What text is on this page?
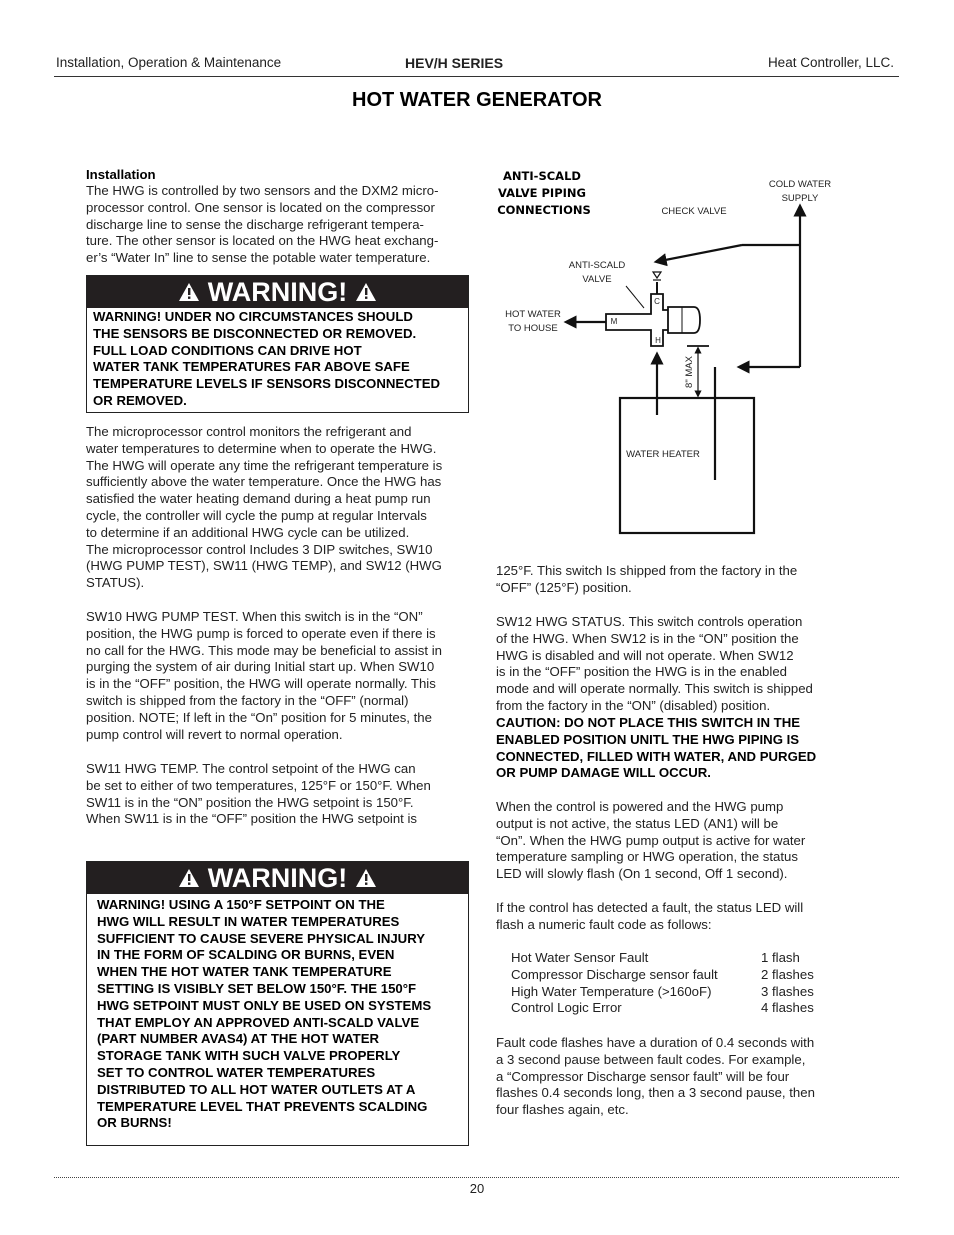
Installation, Operation & Maintenance	HEV/H SERIES	Heat Controller, LLC.
HOT WATER GENERATOR
Installation

The HWG is controlled by two sensors and the DXM2 micro-
processor control. One sensor is located on the compressor
discharge line to sense the discharge refrigerant tempera-
ture. The other sensor is located on the HWG heat exchang-
er’s “Water In” line to sense the potable water temperature.

WARNING!
WARNING! UNDER NO CIRCUMSTANCES SHOULD
THE SENSORS BE DISCONNECTED OR REMOVED.
FULL LOAD CONDITIONS CAN DRIVE HOT
WATER TANK TEMPERATURES FAR ABOVE SAFE
TEMPERATURE LEVELS IF SENSORS DISCONNECTED
OR REMOVED.

The microprocessor control monitors the refrigerant and
water temperatures to determine when to operate the HWG.
The HWG will operate any time the refrigerant temperature is
sufficiently above the water temperature. Once the HWG has
satisfied the water heating demand during a heat pump run
cycle, the controller will cycle the pump at regular Intervals
to determine if an additional HWG cycle can be utilized.
The microprocessor control Includes 3 DIP switches, SW10
(HWG PUMP TEST), SW11 (HWG TEMP), and SW12 (HWG
STATUS).

SW10 HWG PUMP TEST. When this switch is in the “ON”
position, the HWG pump is forced to operate even if there is
no call for the HWG. This mode may be beneficial to assist in
purging the system of air during Initial start up. When SW10
is in the “OFF” position, the HWG will operate normally. This
switch is shipped from the factory in the “OFF” (normal)
position. NOTE; If left in the “On” position for 5 minutes, the
pump control will revert to normal operation.

SW11 HWG TEMP. The control setpoint of the HWG can
be set to either of two temperatures, 125°F or 150°F. When
SW11 is in the “ON” position the HWG setpoint is 150°F.
When SW11 is in the “OFF” position the HWG setpoint is

WARNING!
WARNING! USING A 150°F SETPOINT ON THE
HWG WILL RESULT IN WATER TEMPERATURES
SUFFICIENT TO CAUSE SEVERE PHYSICAL INJURY
IN THE FORM OF SCALDING OR BURNS, EVEN
WHEN THE HOT WATER TANK TEMPERATURE
SETTING IS VISIBLY SET BELOW 150°F. THE 150°F
HWG SETPOINT MUST ONLY BE USED ON SYSTEMS
THAT EMPLOY AN APPROVED ANTI-SCALD VALVE
(PART NUMBER AVAS4) AT THE HOT WATER
STORAGE TANK WITH SUCH VALVE PROPERLY
SET TO CONTROL WATER TEMPERATURES
DISTRIBUTED TO ALL HOT WATER OUTLETS AT A
TEMPERATURE LEVEL THAT PREVENTS SCALDING
OR BURNS!
ANTI-SCALD VALVE PIPING CONNECTIONS
COLD WATER SUPPLY
CHECK VALVE
ANTI-SCALD VALVE
HOT WATER TO HOUSE
C
M
H
8" MAX
WATER HEATER

125°F. This switch Is shipped from the factory in the
“OFF” (125°F) position.

SW12 HWG STATUS. This switch controls operation
of the HWG. When SW12 is in the “ON” position the
HWG is disabled and will not operate. When SW12
is in the “OFF” position the HWG is in the enabled
mode and will operate normally. This switch is shipped
from the factory in the “ON” (disabled) position.

CAUTION: DO NOT PLACE THIS SWITCH IN THE
ENABLED POSITION UNITL THE HWG PIPING IS
CONNECTED, FILLED WITH WATER, AND PURGED
OR PUMP DAMAGE WILL OCCUR.

When the control is powered and the HWG pump
output is not active, the status LED (AN1) will be
“On”. When the HWG pump output is active for water
temperature sampling or HWG operation, the status
LED will slowly flash (On 1 second, Off 1 second).

If the control has detected a fault, the status LED will
flash a numeric fault code as follows:

Hot Water Sensor Fault	1 flash
Compressor Discharge sensor fault	2 flashes
High Water Temperature (>160oF)	3 flashes
Control Logic Error	4 flashes

Fault code flashes have a duration of 0.4 seconds with
a 3 second pause between fault codes. For example,
a “Compressor Discharge sensor fault” will be four
flashes 0.4 seconds long, then a 3 second pause, then
four flashes again, etc.

20
